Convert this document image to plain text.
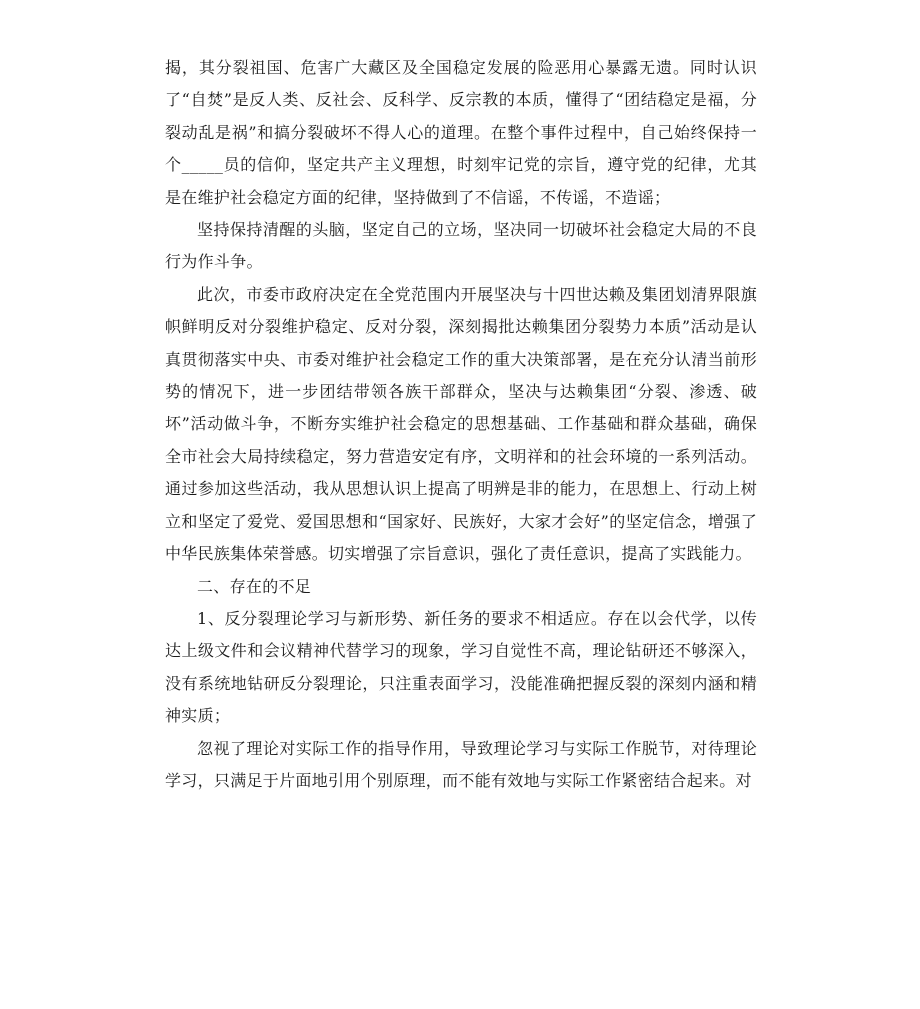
揭，其分裂祖国、危害广大藏区及全国稳定发展的险恶用心暴露无遗。同时认识了“自焚”是反人类、反社会、反科学、反宗教的本质，懂得了“团结稳定是福，分裂动乱是祸”和搞分裂破坏不得人心的道理。在整个事件过程中，自己始终保持一个_____员的信仰，坚定共产主义理想，时刻牢记党的宗旨，遵守党的纪律，尤其是在维护社会稳定方面的纪律，坚持做到了不信谣，不传谣，不造谣；

坚持保持清醒的头脑，坚定自己的立场，坚决同一切破坏社会稳定大局的不良行为作斗争。

此次，市委市政府决定在全党范围内开展坚决与十四世达赖及集团划清界限旗帜鲜明反对分裂维护稳定、反对分裂，深刻揭批达赖集团分裂势力本质”活动是认真贯彻落实中央、市委对维护社会稳定工作的重大决策部署，是在充分认清当前形势的情况下，进一步团结带领各族干部群众，坚决与达赖集团“分裂、渗透、破坏”活动做斗争，不断夯实维护社会稳定的思想基础、工作基础和群众基础，确保全市社会大局持续稳定，努力营造安定有序，文明祥和的社会环境的一系列活动。通过参加这些活动，我从思想认识上提高了明辨是非的能力，在思想上、行动上树立和坚定了爱党、爱国思想和“国家好、民族好，大家才会好”的坚定信念，增强了中华民族集体荣誉感。切实增强了宗旨意识，强化了责任意识，提高了实践能力。

二、存在的不足

1、反分裂理论学习与新形势、新任务的要求不相适应。存在以会代学，以传达上级文件和会议精神代替学习的现象，学习自觉性不高，理论钻研还不够深入，没有系统地钻研反分裂理论，只注重表面学习，没能准确把握反裂的深刻内涵和精神实质；

忽视了理论对实际工作的指导作用，导致理论学习与实际工作脱节，对待理论学习，只满足于片面地引用个别原理，而不能有效地与实际工作紧密结合起来。对
